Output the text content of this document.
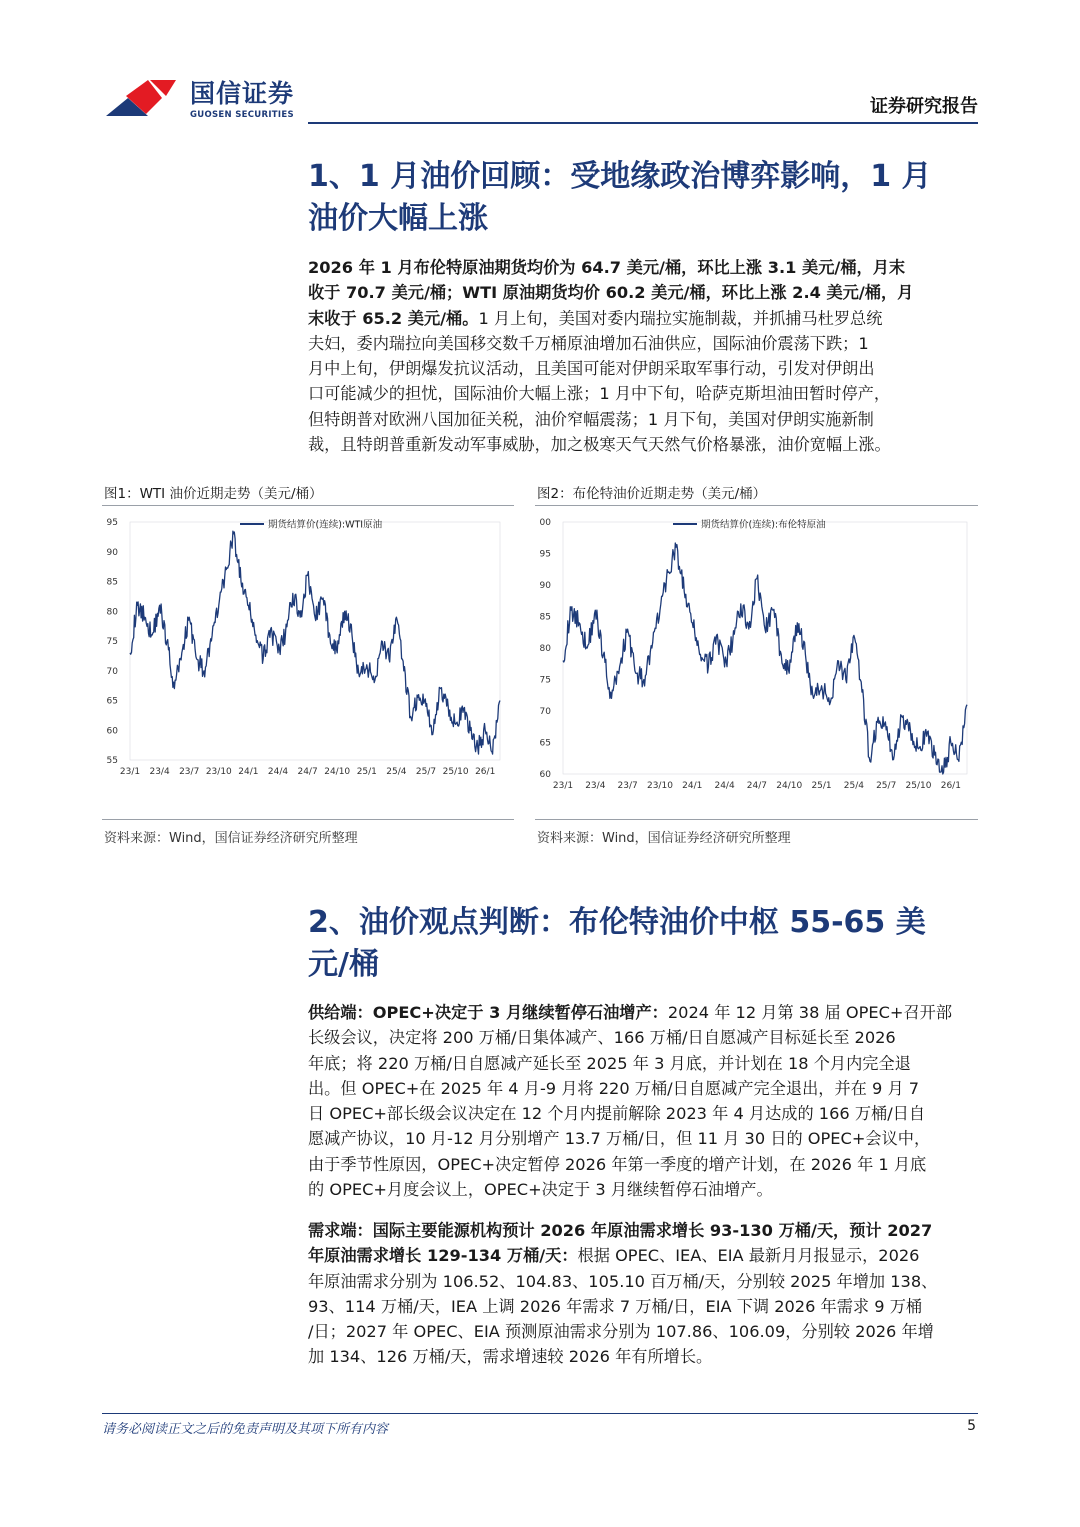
国信证券
GUOSEN SECURITIES	证券研究报告
1、1 月油价回顾：受地缘政治博弈影响，1 月
油价大幅上涨
2026 年 1 月布伦特原油期货均价为 64.7 美元/桶，环比上涨 3.1 美元/桶，月末
收于 70.7 美元/桶；WTI 原油期货均价 60.2 美元/桶，环比上涨 2.4 美元/桶，月
末收于 65.2 美元/桶。1 月上旬，美国对委内瑞拉实施制裁，并抓捕马杜罗总统
夫妇，委内瑞拉向美国移交数千万桶原油增加石油供应，国际油价震荡下跌；1
月中上旬，伊朗爆发抗议活动，且美国可能对伊朗采取军事行动，引发对伊朗出
口可能减少的担忧，国际油价大幅上涨；1 月中下旬，哈萨克斯坦油田暂时停产，
但特朗普对欧洲八国加征关税，油价窄幅震荡；1 月下旬，美国对伊朗实施新制
裁，且特朗普重新发动军事威胁，加之极寒天气天然气价格暴涨，油价宽幅上涨。
图1：WTI 油价近期走势（美元/桶）
95
90
85
80
75
70
65
60
55
23/1 23/4 23/7 23/10 24/1 24/4 24/7 24/10 25/1 25/4 25/7 25/10 26/1
期货结算价(连续):WTI原油
资料来源：Wind，国信证券经济研究所整理
图2：布伦特油价近期走势（美元/桶）
00
95
90
85
80
75
70
65
60
23/1 23/4 23/7 23/10 24/1 24/4 24/7 24/10 25/1 25/4 25/7 25/10 26/1
期货结算价(连续):布伦特原油
资料来源：Wind，国信证券经济研究所整理
2、油价观点判断：布伦特油价中枢 55-65 美
元/桶
供给端：OPEC+决定于 3 月继续暂停石油增产：2024 年 12 月第 38 届 OPEC+召开部
长级会议，决定将 200 万桶/日集体减产、166 万桶/日自愿减产目标延长至 2026
年底；将 220 万桶/日自愿减产延长至 2025 年 3 月底，并计划在 18 个月内完全退
出。但 OPEC+在 2025 年 4 月-9 月将 220 万桶/日自愿减产完全退出，并在 9 月 7
日 OPEC+部长级会议决定在 12 个月内提前解除 2023 年 4 月达成的 166 万桶/日自
愿减产协议，10 月-12 月分别增产 13.7 万桶/日，但 11 月 30 日的 OPEC+会议中，
由于季节性原因，OPEC+决定暂停 2026 年第一季度的增产计划，在 2026 年 1 月底
的 OPEC+月度会议上，OPEC+决定于 3 月继续暂停石油增产。
需求端：国际主要能源机构预计 2026 年原油需求增长 93-130 万桶/天，预计 2027
年原油需求增长 129-134 万桶/天：根据 OPEC、IEA、EIA 最新月月报显示，2026
年原油需求分别为 106.52、104.83、105.10 百万桶/天，分别较 2025 年增加 138、
93、114 万桶/天，IEA 上调 2026 年需求 7 万桶/日，EIA 下调 2026 年需求 9 万桶
/日；2027 年 OPEC、EIA 预测原油需求分别为 107.86、106.09，分别较 2026 年增
加 134、126 万桶/天，需求增速较 2026 年有所增长。
请务必阅读正文之后的免责声明及其项下所有内容	5
